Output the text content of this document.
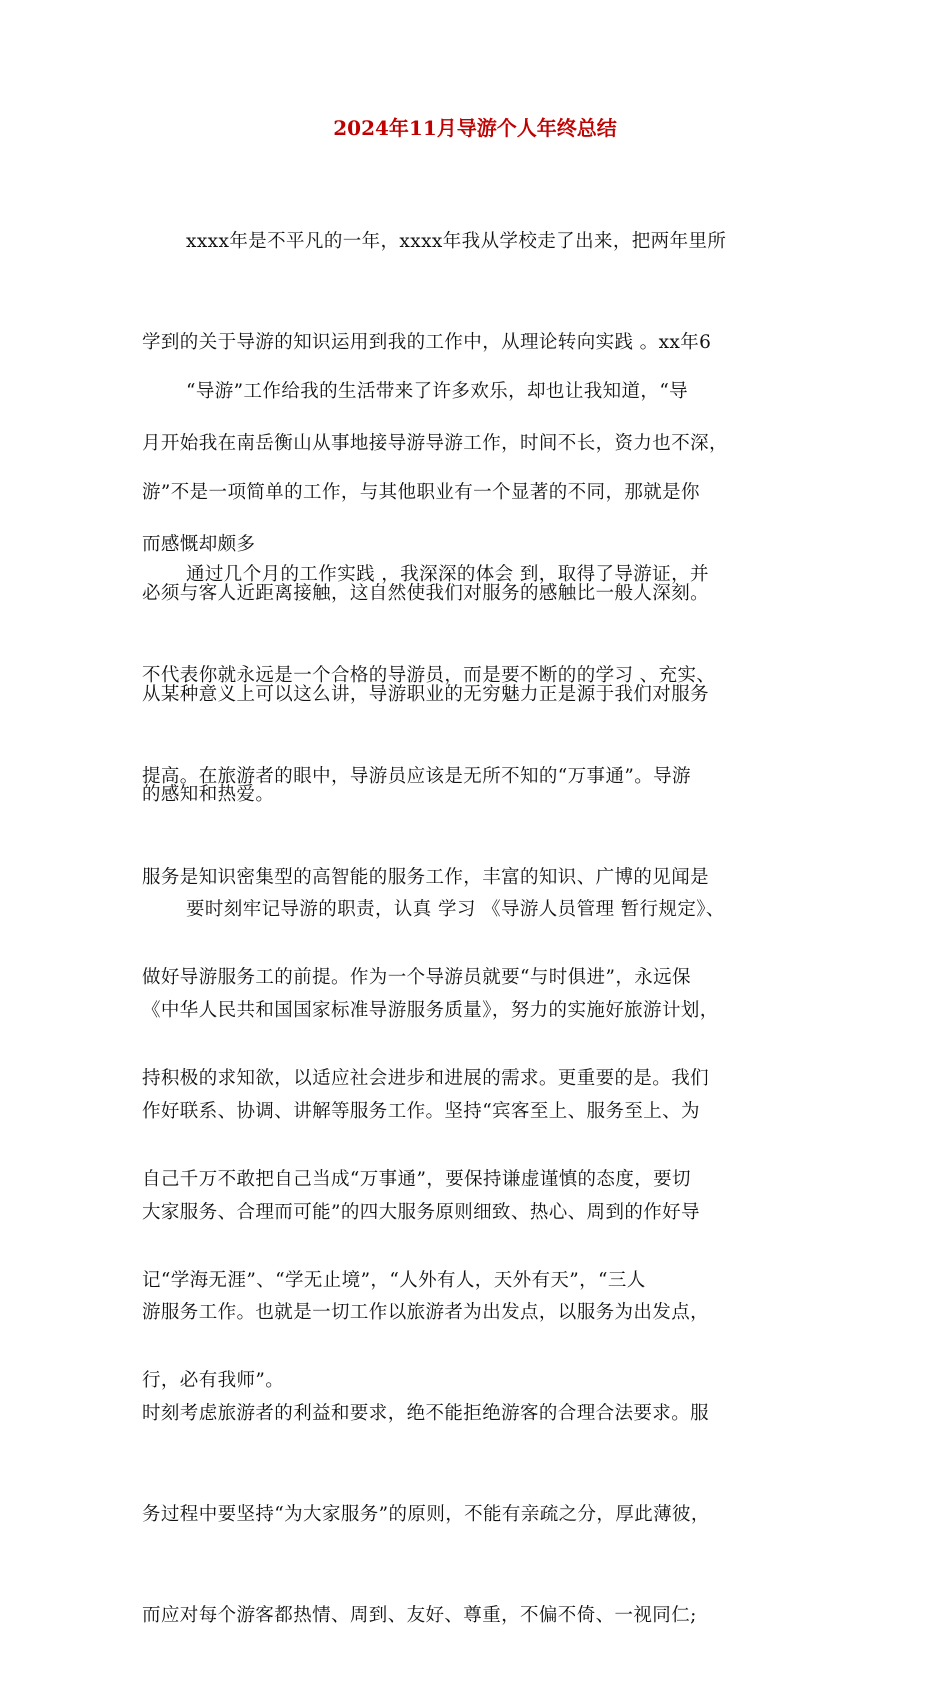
2024年11月导游个人年终总结

xxxx年是不平凡的一年，xxxx年我从学校走了出来，把两年里所

学到的关于导游的知识运用到我的工作中，从理论转向实践 。xx年6

月开始我在南岳衡山从事地接导游导游工作，时间不长，资力也不深，

而感慨却颇多

“导游”工作给我的生活带来了许多欢乐，却也让我知道，“导

游”不是一项简单的工作，与其他职业有一个显著的不同，那就是你

必须与客人近距离接触，这自然使我们对服务的感触比一般人深刻。

从某种意义上可以这么讲，导游职业的无穷魅力正是源于我们对服务

的感知和热爱。

通过几个月的工作实践 ，我深深的体会 到，取得了导游证，并

不代表你就永远是一个合格的导游员，而是要不断的的学习 、充实、

提高。在旅游者的眼中，导游员应该是无所不知的“万事通”。导游

服务是知识密集型的高智能的服务工作，丰富的知识、广博的见闻是

做好导游服务工的前提。作为一个导游员就要“与时俱进”，永远保

持积极的求知欲，以适应社会进步和进展的需求。更重要的是。我们

自己千万不敢把自己当成“万事通”，要保持谦虚谨慎的态度，要切

记“学海无涯”、“学无止境”，“人外有人，天外有天”，“三人

行，必有我师”。

要时刻牢记导游的职责，认真 学习 《导游人员管理 暂行规定》、

《中华人民共和国国家标准导游服务质量》，努力的实施好旅游计划，

作好联系、协调、讲解等服务工作。坚持“宾客至上、服务至上、为

大家服务、合理而可能”的四大服务原则细致、热心、周到的作好导

游服务工作。也就是一切工作以旅游者为出发点，以服务为出发点，

时刻考虑旅游者的利益和要求，绝不能拒绝游客的合理合法要求。服

务过程中要坚持“为大家服务”的原则，不能有亲疏之分，厚此薄彼，

而应对每个游客都热情、周到、友好、尊重，不偏不倚、一视同仁;
